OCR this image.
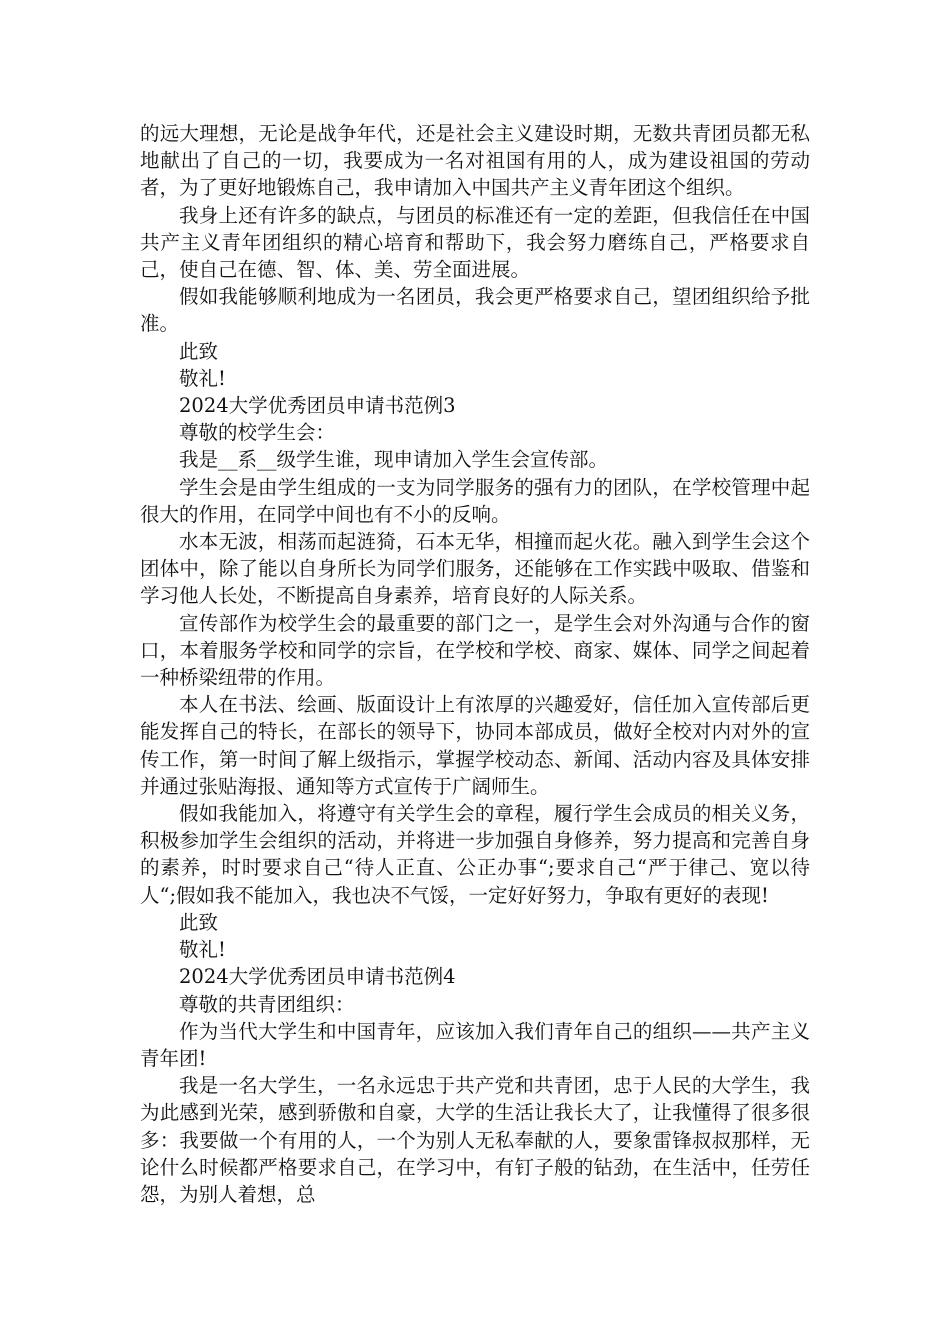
的远大理想，无论是战争年代，还是社会主义建设时期，无数共青团员都无私地献出了自己的一切，我要成为一名对祖国有用的人，成为建设祖国的劳动者，为了更好地锻炼自己，我申请加入中国共产主义青年团这个组织。

我身上还有许多的缺点，与团员的标准还有一定的差距，但我信任在中国共产主义青年团组织的精心培育和帮助下，我会努力磨练自己，严格要求自己，使自己在德、智、体、美、劳全面进展。

假如我能够顺利地成为一名团员，我会更严格要求自己，望团组织给予批准。

此致

敬礼!

2024大学优秀团员申请书范例3

尊敬的校学生会：

我是__系__级学生谁，现申请加入学生会宣传部。

学生会是由学生组成的一支为同学服务的强有力的团队，在学校管理中起很大的作用，在同学中间也有不小的反响。

水本无波，相荡而起涟猗，石本无华，相撞而起火花。融入到学生会这个团体中，除了能以自身所长为同学们服务，还能够在工作实践中吸取、借鉴和学习他人长处，不断提高自身素养，培育良好的人际关系。

宣传部作为校学生会的最重要的部门之一，是学生会对外沟通与合作的窗口，本着服务学校和同学的宗旨，在学校和学校、商家、媒体、同学之间起着一种桥梁纽带的作用。

本人在书法、绘画、版面设计上有浓厚的兴趣爱好，信任加入宣传部后更能发挥自己的特长，在部长的领导下，协同本部成员，做好全校对内对外的宣传工作，第一时间了解上级指示，掌握学校动态、新闻、活动内容及具体安排并通过张贴海报、通知等方式宣传于广阔师生。

假如我能加入，将遵守有关学生会的章程，履行学生会成员的相关义务，积极参加学生会组织的活动，并将进一步加强自身修养，努力提高和完善自身的素养，时时要求自己“待人正直、公正办事“;要求自己“严于律己、宽以待人“;假如我不能加入，我也决不气馁，一定好好努力，争取有更好的表现!

此致

敬礼!

2024大学优秀团员申请书范例4

尊敬的共青团组织：

作为当代大学生和中国青年，应该加入我们青年自己的组织——共产主义青年团!

我是一名大学生，一名永远忠于共产党和共青团，忠于人民的大学生，我为此感到光荣，感到骄傲和自豪，大学的生活让我长大了，让我懂得了很多很多：我要做一个有用的人，一个为别人无私奉献的人，要象雷锋叔叔那样，无论什么时候都严格要求自己，在学习中，有钉子般的钻劲，在生活中，任劳任怨，为别人着想，总
